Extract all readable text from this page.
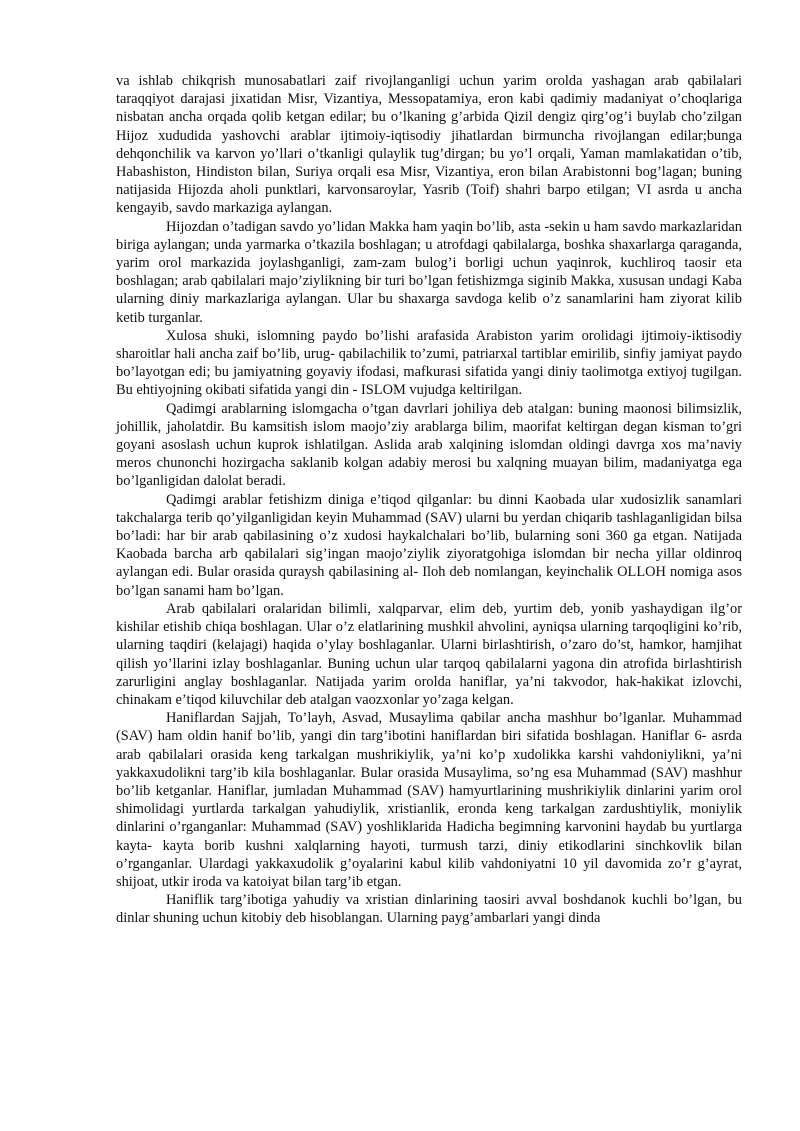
va ishlab chikqrish munosabatlari zaif rivojlanganligi uchun yarim orolda yashagan arab qabilalari taraqqiyot darajasi jixatidan Misr, Vizantiya, Messopatamiya, eron kabi qadimiy madaniyat o’choqlariga nisbatan ancha orqada qolib ketgan edilar; bu o’lkaning g’arbida Qizil dengiz qirg’og’i buylab cho’zilgan Hijoz xududida yashovchi arablar ijtimoiy-iqtisodiy jihatlardan birmuncha rivojlangan edilar;bunga dehqonchilik va karvon yo’llari o’tkanligi qulaylik tug’dirgan; bu yo’l orqali, Yaman mamlakatidan o’tib, Habashiston, Hindiston bilan, Suriya orqali esa Misr, Vizantiya, eron bilan Arabistonni bog’lagan; buning natijasida Hijozda aholi punktlari, karvonsaroylar, Yasrib (Toif) shahri barpo etilgan; VI asrda u ancha kengayib, savdo markaziga aylangan.

Hijozdan o’tadigan savdo yo’lidan Makka ham yaqin bo’lib, asta -sekin u ham savdo markazlaridan biriga aylangan; unda yarmarka o’tkazila boshlagan; u atrofdagi qabilalarga, boshka shaxarlarga qaraganda, yarim orol markazida joylashganligi, zam-zam bulog’i borligi uchun yaqinrok, kuchliroq taosir eta boshlagan; arab qabilalari majo’ziylikning bir turi bo’lgan fetishizmga siginib Makka, xususan undagi Kaba ularning diniy markazlariga aylangan. Ular bu shaxarga savdoga kelib o’z sanamlarini ham ziyorat kilib ketib turganlar.

Xulosa shuki, islomning paydo bo’lishi arafasida Arabiston yarim orolidagi ijtimoiy-iktisodiy sharoitlar hali ancha zaif bo’lib, urug- qabilachilik to’zumi, patriarxal tartiblar emirilib, sinfiy jamiyat paydo bo’layotgan edi; bu jamiyatning goyaviy ifodasi, mafkurasi sifatida yangi diniy taolimotga extiyoj tugilgan. Bu ehtiyojning okibati sifatida yangi din - ISLOM vujudga keltirilgan.

Qadimgi arablarning islomgacha o’tgan davrlari johiliya deb atalgan: buning maonosi bilimsizlik, johillik, jaholatdir. Bu kamsitish islom maojo’ziy arablarga bilim, maorifat keltirgan degan kisman to’gri goyani asoslash uchun kuprok ishlatilgan. Aslida arab xalqining islomdan oldingi davrga xos ma’naviy meros chunonchi hozirgacha saklanib kolgan adabiy merosi bu xalqning muayan bilim, madaniyatga ega bo’lganligidan dalolat beradi.

Qadimgi arablar fetishizm diniga e’tiqod qilganlar: bu dinni Kaobada ular xudosizlik sanamlari takchalarga terib qo’yilganligidan keyin Muhammad (SAV) ularni bu yerdan chiqarib tashlaganligidan bilsa bo’ladi: har bir arab qabilasining o’z xudosi haykalchalari bo’lib, bularning soni 360 ga etgan. Natijada Kaobada barcha arb qabilalari sig’ingan maojo’ziylik ziyoratgohiga islomdan bir necha yillar oldinroq aylangan edi. Bular orasida quraysh qabilasining al- Iloh deb nomlangan, keyinchalik OLLOH nomiga asos bo’lgan sanami ham bo’lgan.

Arab qabilalari oralaridan bilimli, xalqparvar, elim deb, yurtim deb, yonib yashaydigan ilg’or kishilar etishib chiqa boshlagan. Ular o’z elatlarining mushkil ahvolini, ayniqsa ularning tarqoqligini ko’rib, ularning taqdiri (kelajagi) haqida o’ylay boshlaganlar. Ularni birlashtirish, o’zaro do’st, hamkor, hamjihat qilish yo’llarini izlay boshlaganlar. Buning uchun ular tarqoq qabilalarni yagona din atrofida birlashtirish zarurligini anglay boshlaganlar. Natijada yarim orolda haniflar, ya’ni takvodor, hak-hakikat izlovchi, chinakam e’tiqod kiluvchilar deb atalgan vaozxonlar yo’zaga kelgan.

Haniflardan Sajjah, To’layh, Asvad, Musaylima qabilar ancha mashhur bo’lganlar. Muhammad (SAV) ham oldin hanif bo’lib, yangi din targ’ibotini haniflardan biri sifatida boshlagan. Haniflar 6- asrda arab qabilalari orasida keng tarkalgan mushrikiylik, ya’ni ko’p xudolikka karshi vahdoniylikni, ya’ni yakkaxudolikni targ’ib kila boshlaganlar. Bular orasida Musaylima, so’ng esa Muhammad (SAV) mashhur bo’lib ketganlar. Haniflar, jumladan Muhammad (SAV) hamyurtlarining mushrikiylik dinlarini yarim orol shimolidagi yurtlarda tarkalgan yahudiylik, xristianlik, eronda keng tarkalgan zardushtiylik, moniylik dinlarini o’rganganlar: Muhammad (SAV) yoshliklarida Hadicha begimning karvonini haydab bu yurtlarga kayta- kayta borib kushni xalqlarning hayoti, turmush tarzi, diniy etikodlarini sinchkovlik bilan o’rganganlar. Ulardagi yakkaxudolik g’oyalarini kabul kilib vahdoniyatni 10 yil davomida zo’r g’ayrat, shijoat, utkir iroda va katoiyat bilan targ’ib etgan.

Haniflik targ’ibotiga yahudiy va xristian dinlarining taosiri avval boshdanok kuchli bo’lgan, bu dinlar shuning uchun kitobiy deb hisoblangan. Ularning payg’ambarlari yangi dinda
